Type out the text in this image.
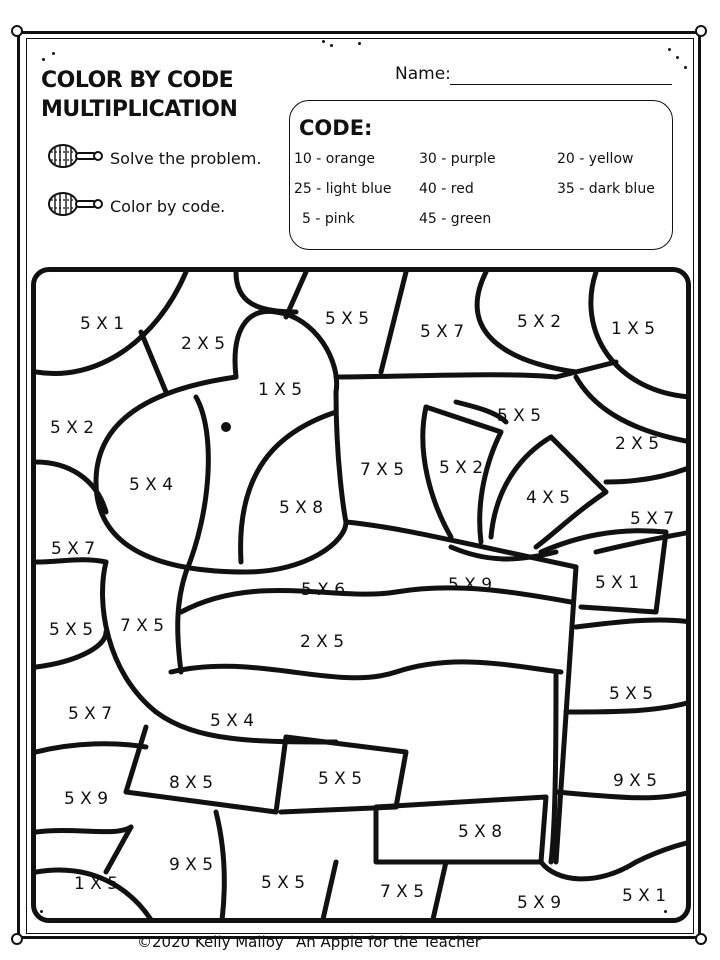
COLOR BY CODE
MULTIPLICATION
Solve the problem.
Color by code.
Name:
CODE:
10 - orange	30 - purple	20 - yellow
25 - light blue 40 - red	35 - dark blue
5 - pink	45 - green
5 X 1
2 X 5
1 X 5
5 X 5
5 X 7	5 X 2	1 X 5
5 X 2
5 X 5
2 X 5
5 X 4
7 X 5 5 X 2
5 X 8	4 X 5
5 X 7
5 X 7
5 X 6	5 X 9	5 X 1
5 X 5 7 X 5
2 X 5
5 X 4
5 X 7
5 X 5
8 X 5	5 X 5
5 X 9
9 X 5
5 X 8
9 X 5
1 X 5	5 X 5	7 X 5
5 X 9	5 X 1
©2020 Kelly Malloy An Apple for the Teacher
